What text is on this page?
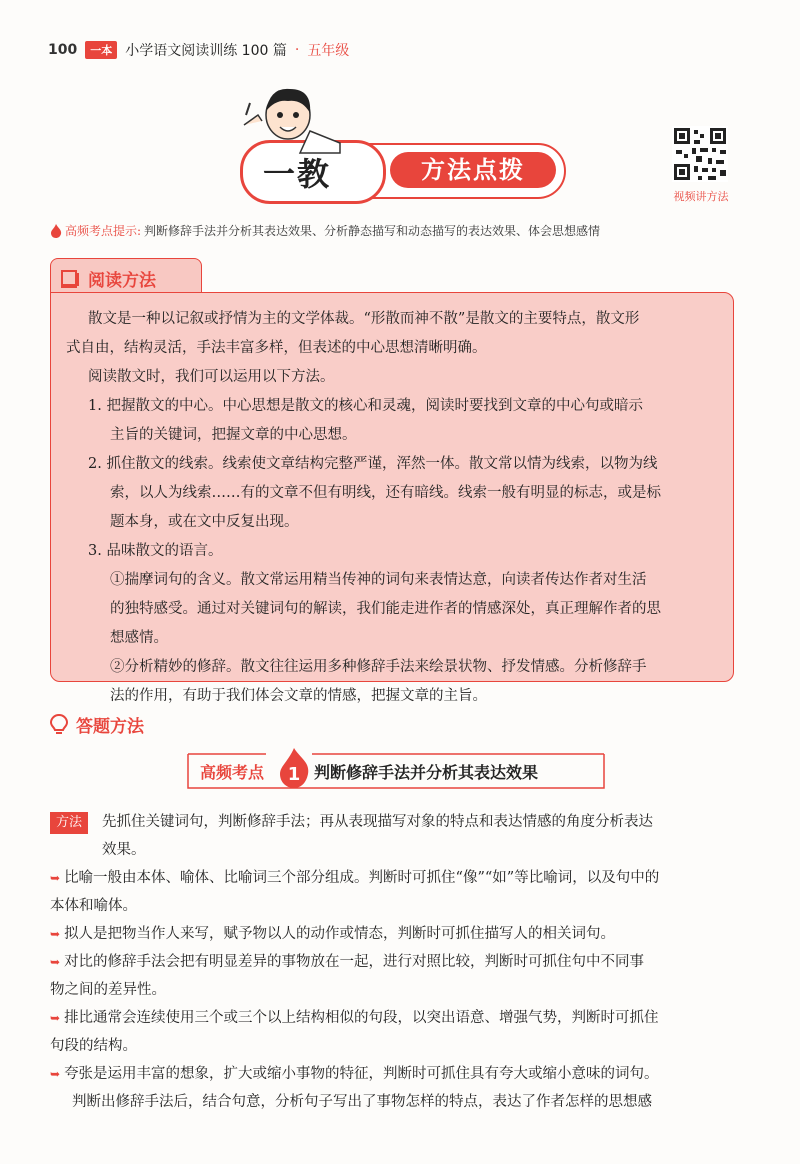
100	一本 小学语文阅读训练 100 篇 · 五年级
一教	方法点拨
视频讲方法
高频考点提示: 判断修辞手法并分析其表达效果、分析静态描写和动态描写的表达效果、体会思想感情
阅读方法
散文是一种以记叙或抒情为主的文学体裁。“形散而神不散”是散文的主要特点，散文形
式自由，结构灵活，手法丰富多样，但表述的中心思想清晰明确。
阅读散文时，我们可以运用以下方法。
1. 把握散文的中心。中心思想是散文的核心和灵魂，阅读时要找到文章的中心句或暗示
主旨的关键词，把握文章的中心思想。
2. 抓住散文的线索。线索使文章结构完整严谨，浑然一体。散文常以情为线索，以物为线
索，以人为线索……有的文章不但有明线，还有暗线。线索一般有明显的标志，或是标
题本身，或在文中反复出现。
3. 品味散文的语言。
①揣摩词句的含义。散文常运用精当传神的词句来表情达意，向读者传达作者对生活
的独特感受。通过对关键词句的解读，我们能走进作者的情感深处，真正理解作者的思
想感情。
②分析精妙的修辞。散文往往运用多种修辞手法来绘景状物、抒发情感。分析修辞手
法的作用，有助于我们体会文章的情感，把握文章的主旨。
答题方法
高频考点 1 判断修辞手法并分析其表达效果
方法	先抓住关键词句，判断修辞手法；再从表现描写对象的特点和表达情感的角度分析表达
效果。
➥ 比喻一般由本体、喻体、比喻词三个部分组成。判断时可抓住“像”“如”等比喻词，以及句中的
本体和喻体。
➥ 拟人是把物当作人来写，赋予物以人的动作或情态，判断时可抓住描写人的相关词句。
➥ 对比的修辞手法会把有明显差异的事物放在一起，进行对照比较，判断时可抓住句中不同事
物之间的差异性。
➥ 排比通常会连续使用三个或三个以上结构相似的句段，以突出语意、增强气势，判断时可抓住
句段的结构。
➥ 夸张是运用丰富的想象，扩大或缩小事物的特征，判断时可抓住具有夸大或缩小意味的词句。
判断出修辞手法后，结合句意，分析句子写出了事物怎样的特点，表达了作者怎样的思想感
